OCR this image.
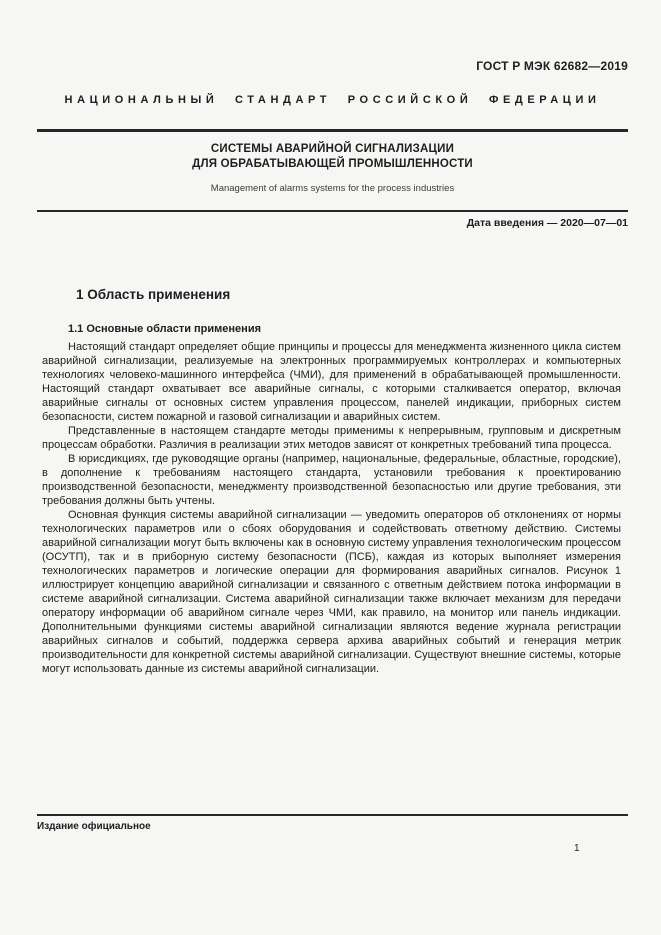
ГОСТ Р МЭК 62682—2019
НАЦИОНАЛЬНЫЙ СТАНДАРТ РОССИЙСКОЙ ФЕДЕРАЦИИ
СИСТЕМЫ АВАРИЙНОЙ СИГНАЛИЗАЦИИ
ДЛЯ ОБРАБАТЫВАЮЩЕЙ ПРОМЫШЛЕННОСТИ
Management of alarms systems for the process industries
Дата введения — 2020—07—01
1 Область применения
1.1 Основные области применения

Настоящий стандарт определяет общие принципы и процессы для менеджмента жизненного цикла систем аварийной сигнализации, реализуемые на электронных программируемых контроллерах и компьютерных технологиях человеко-машинного интерфейса (ЧМИ), для применений в обрабатывающей промышленности. Настоящий стандарт охватывает все аварийные сигналы, с которыми сталкивается оператор, включая аварийные сигналы от основных систем управления процессом, панелей индикации, приборных систем безопасности, систем пожарной и газовой сигнализации и аварийных систем.

Представленные в настоящем стандарте методы применимы к непрерывным, групповым и дискретным процессам обработки. Различия в реализации этих методов зависят от конкретных требований типа процесса.

В юрисдикциях, где руководящие органы (например, национальные, федеральные, областные, городские), в дополнение к требованиям настоящего стандарта, установили требования к проектированию производственной безопасности, менеджменту производственной безопасностью или другие требования, эти требования должны быть учтены.

Основная функция системы аварийной сигнализации — уведомить операторов об отклонениях от нормы технологических параметров или о сбоях оборудования и содействовать ответному действию. Системы аварийной сигнализации могут быть включены как в основную систему управления технологическим процессом (ОСУТП), так и в приборную систему безопасности (ПСБ), каждая из которых выполняет измерения технологических параметров и логические операции для формирования аварийных сигналов. Рисунок 1 иллюстрирует концепцию аварийной сигнализации и связанного с ответным действием потока информации в системе аварийной сигнализации. Система аварийной сигнализации также включает механизм для передачи оператору информации об аварийном сигнале через ЧМИ, как правило, на монитор или панель индикации. Дополнительными функциями системы аварийной сигнализации являются ведение журнала регистрации аварийных сигналов и событий, поддержка сервера архива аварийных событий и генерация метрик производительности для конкретной системы аварийной сигнализации. Существуют внешние системы, которые могут использовать данные из системы аварийной сигнализации.

Издание официальное
1
